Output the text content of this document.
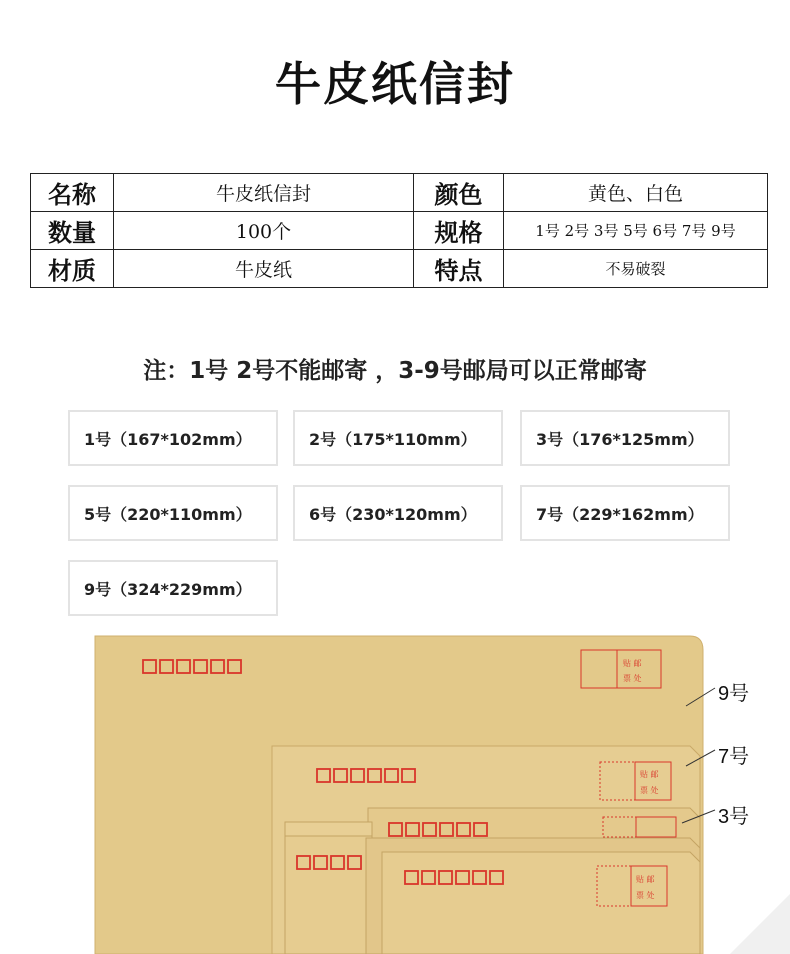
牛皮纸信封
名称	牛皮纸信封	颜色	黄色、白色
数量	100个	规格	1号 2号 3号 5号 6号 7号 9号
材质	牛皮纸	特点	不易破裂
注：1号 2号不能邮寄 ，3-9号邮局可以正常邮寄
1号（167*102mm）	2号（175*110mm）	3号（176*125mm）
5号（220*110mm）	6号（230*120mm）	7号（229*162mm）
9号（324*229mm）
贴 邮
票 处
贴 邮
票 处
贴 邮
票 处
9号
7号
3号
